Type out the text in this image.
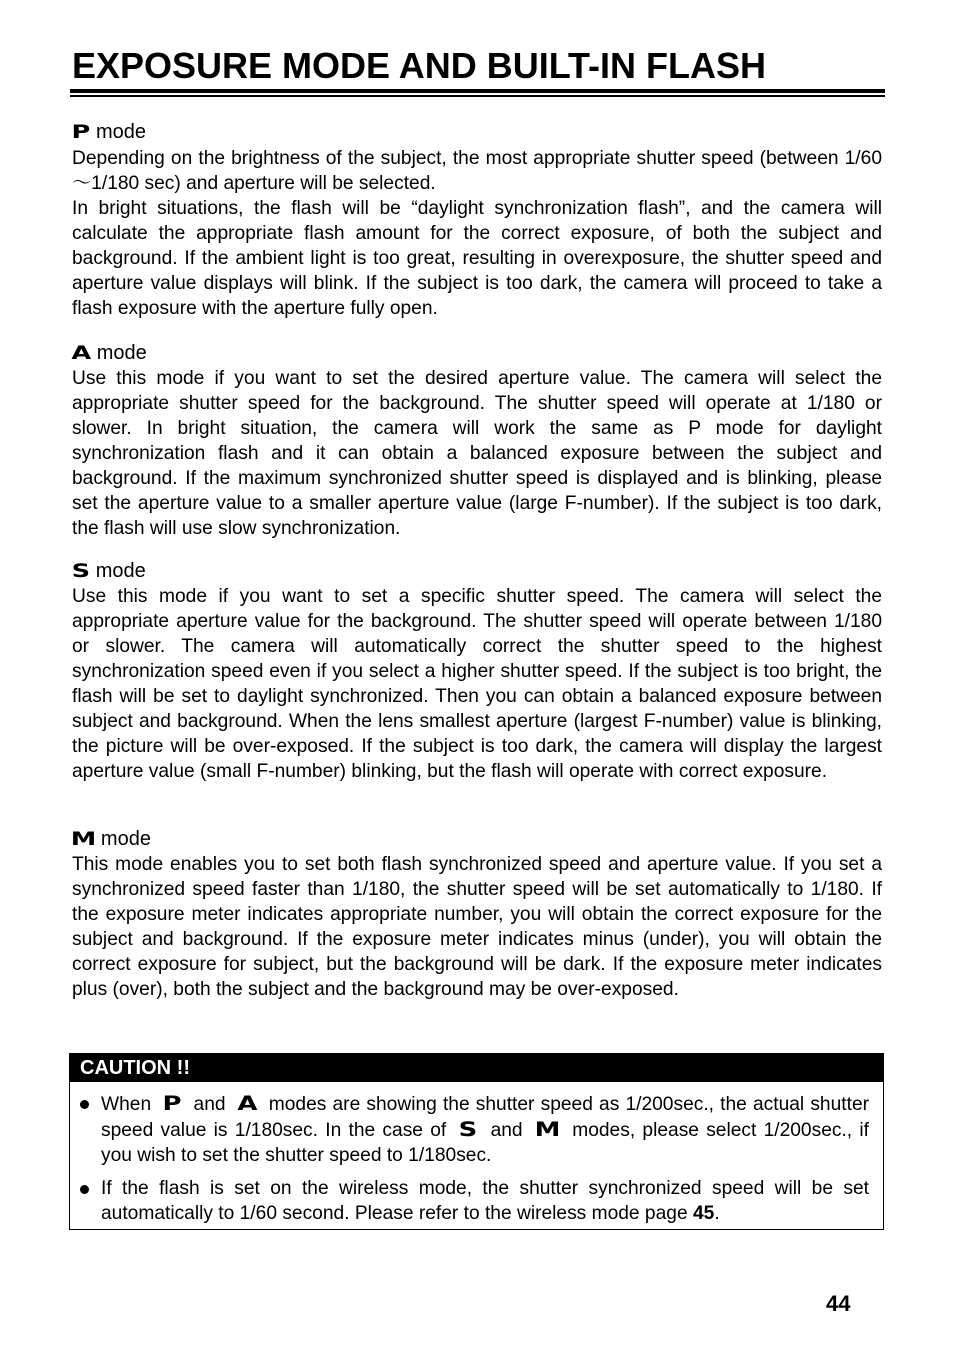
EXPOSURE MODE AND BUILT-IN FLASH

P mode

Depending on the brightness of the subject, the most appropriate shutter speed (between 1/60～1/180 sec) and aperture will be selected.

In bright situations, the flash will be “daylight synchronization flash”, and the camera will calculate the appropriate flash amount for the correct exposure, of both the subject and background. If the ambient light is too great, resulting in overexposure, the shutter speed and aperture value displays will blink. If the subject is too dark, the camera will proceed to take a flash exposure with the aperture fully open.

A mode

Use this mode if you want to set the desired aperture value. The camera will select the appropriate shutter speed for the background. The shutter speed will operate at 1/180 or slower. In bright situation, the camera will work the same as P mode for daylight synchronization flash and it can obtain a balanced exposure between the subject and background. If the maximum synchronized shutter speed is displayed and is blinking, please set the aperture value to a smaller aperture value (large F-number). If the subject is too dark, the flash will use slow synchronization.

S mode

Use this mode if you want to set a specific shutter speed. The camera will select the appropriate aperture value for the background. The shutter speed will operate between 1/180 or slower. The camera will automatically correct the shutter speed to the highest synchronization speed even if you select a higher shutter speed. If the subject is too bright, the flash will be set to daylight synchronized. Then you can obtain a balanced exposure between subject and background. When the lens smallest aperture (largest F-number) value is blinking, the picture will be over-exposed. If the subject is too dark, the camera will display the largest aperture value (small F-number) blinking, but the flash will operate with correct exposure.

M mode

This mode enables you to set both flash synchronized speed and aperture value. If you set a synchronized speed faster than 1/180, the shutter speed will be set automatically to 1/180. If the exposure meter indicates appropriate number, you will obtain the correct exposure for the subject and background. If the exposure meter indicates minus (under), you will obtain the correct exposure for subject, but the background will be dark. If the exposure meter indicates plus (over), both the subject and the background may be over-exposed.

CAUTION !!

When P and A modes are showing the shutter speed as 1/200sec., the actual shutter speed value is 1/180sec. In the case of S and M modes, please select 1/200sec., if you wish to set the shutter speed to 1/180sec.

If the flash is set on the wireless mode, the shutter synchronized speed will be set automatically to 1/60 second. Please refer to the wireless mode page 45.

44
